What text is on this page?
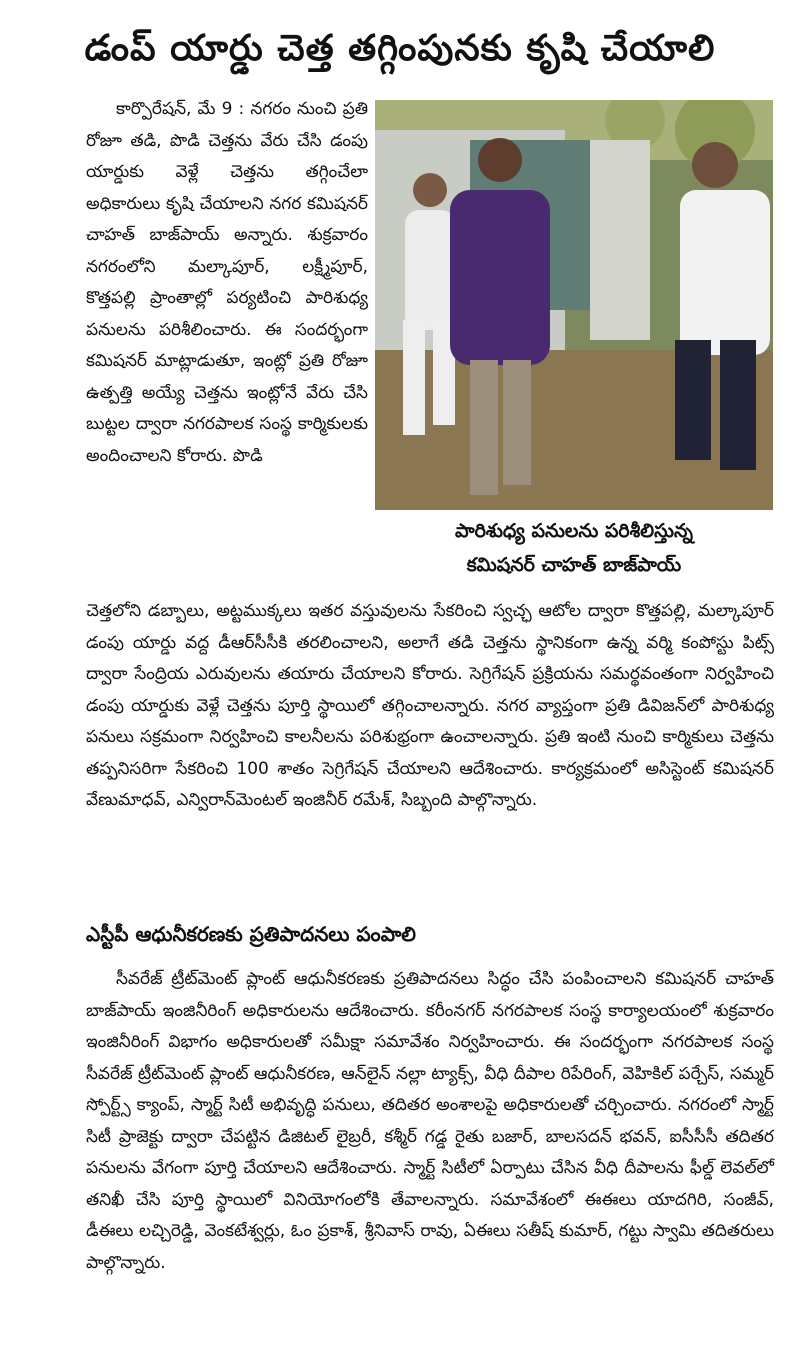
డంప్ యార్డు చెత్త తగ్గింపునకు కృషి చేయాలి
కార్పొరేషన్, మే 9 : నగరం నుంచి ప్రతి రోజూ తడి, పొడి చెత్తను వేరు చేసి డంపు యార్డుకు వెళ్లే చెత్తను తగ్గించేలా అధికారులు కృషి చేయాలని నగర కమిషనర్ చాహత్ బాజ్‌పాయ్ అన్నారు. శుక్రవారం నగరంలోని మల్కాపూర్, లక్ష్మీపూర్, కొత్తపల్లి ప్రాంతాల్లో పర్యటించి పారిశుధ్య పనులను పరిశీలించారు. ఈ సందర్భంగా కమిషనర్ మాట్లాడుతూ, ఇంట్లో ప్రతి రోజూ ఉత్పత్తి అయ్యే చెత్తను ఇంట్లోనే వేరు చేసి బుట్టల ద్వారా నగరపాలక సంస్థ కార్మికులకు అందించాలని కోరారు. పొడి
పారిశుధ్య పనులను పరిశీలిస్తున్న
కమిషనర్ చాహత్ బాజ్‌పాయ్
చెత్తలోని డబ్బాలు, అట్టముక్కలు ఇతర వస్తువులను సేకరించి స్వచ్ఛ ఆటోల ద్వారా కొత్తపల్లి, మల్కాపూర్ డంపు యార్డు వద్ద డీఆర్‌సీసీకి తరలించాలని, అలాగే తడి చెత్తను స్థానికంగా ఉన్న వర్మి కంపోస్టు పిట్స్ ద్వారా సేంద్రియ ఎరువులను తయారు చేయాలని కోరారు. సెగ్రిగేషన్ ప్రక్రియను సమర్థవంతంగా నిర్వహించి డంపు యార్డుకు వెళ్లే చెత్తను పూర్తి స్థాయిలో తగ్గించాలన్నారు. నగర వ్యాప్తంగా ప్రతి డివిజన్‌లో పారిశుధ్య పనులు సక్రమంగా నిర్వహించి కాలనీలను పరిశుభ్రంగా ఉంచాలన్నారు. ప్రతి ఇంటి నుంచి కార్మికులు చెత్తను తప్పనిసరిగా సేకరించి 100 శాతం సెగ్రిగేషన్ చేయాలని ఆదేశించారు. కార్యక్రమంలో అసిస్టెంట్ కమిషనర్ వేణుమాధవ్, ఎన్విరాన్‌మెంటల్ ఇంజినీర్ రమేశ్, సిబ్బంది పాల్గొన్నారు.
ఎస్టీపీ ఆధునీకరణకు ప్రతిపాదనలు పంపాలి
సీవరేజ్ ట్రీట్‌మెంట్ ప్లాంట్ ఆధునీకరణకు ప్రతిపాదనలు సిద్ధం చేసి పంపించాలని కమిషనర్ చాహత్ బాజ్‌పాయ్ ఇంజినీరింగ్ అధికారులను ఆదేశించారు. కరీంనగర్ నగరపాలక సంస్థ కార్యాలయంలో శుక్రవారం ఇంజినీరింగ్ విభాగం అధికారులతో సమీక్షా సమావేశం నిర్వహించారు. ఈ సందర్భంగా నగరపాలక సంస్థ సీవరేజ్ ట్రీట్‌మెంట్ ప్లాంట్ ఆధునీకరణ, ఆన్‌లైన్ నల్లా ట్యాక్స్, వీధి దీపాల రిపేరింగ్, వెహికిల్ పర్చేస్, సమ్మర్ స్పోర్ట్స్ క్యాంప్, స్మార్ట్ సిటీ అభివృద్ధి పనులు, తదితర అంశాలపై అధికారులతో చర్చించారు. నగరంలో స్మార్ట్ సిటీ ప్రాజెక్టు ద్వారా చేపట్టిన డిజిటల్ లైబ్రరీ, కశ్మీర్ గడ్డ రైతు బజార్, బాలసదన్ భవన్, ఐసీసీసీ తదితర పనులను వేగంగా పూర్తి చేయాలని ఆదేశించారు. స్మార్ట్ సిటీలో ఏర్పాటు చేసిన వీధి దీపాలను ఫీల్డ్ లెవల్‌లో తనిఖీ చేసి పూర్తి స్థాయిలో వినియోగంలోకి తేవాలన్నారు. సమావేశంలో ఈఈలు యాదగిరి, సంజీవ్, డీఈలు లచ్చిరెడ్డి, వెంకటేశ్వర్లు, ఓం ప్రకాశ్, శ్రీనివాస్ రావు, ఏఈలు సతీష్ కుమార్, గట్టు స్వామి తదితరులు పాల్గొన్నారు.
